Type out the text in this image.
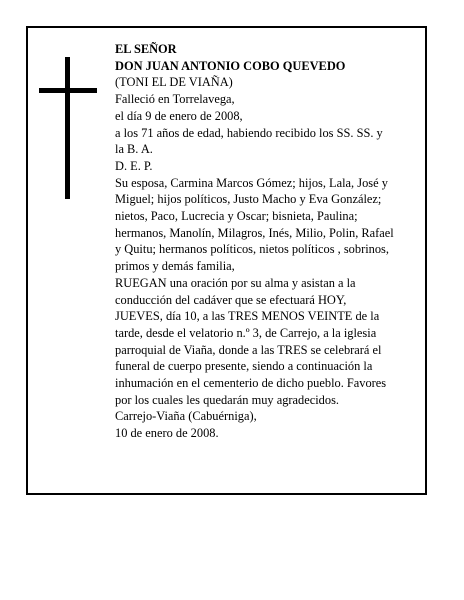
EL SEÑOR

DON JUAN ANTONIO COBO QUEVEDO

(TONI EL DE VIAÑA)

Falleció en Torrelavega,

el día 9 de enero de 2008,

a los 71 años de edad, habiendo recibido los SS. SS. y

la B. A.

D. E. P.

Su esposa, Carmina Marcos Gómez; hijos, Lala, José y

Miguel; hijos políticos, Justo Macho y Eva González;

nietos, Paco, Lucrecia y Oscar; bisnieta, Paulina;

hermanos, Manolín, Milagros, Inés, Milio, Polin, Rafael

y Quitu; hermanos políticos, nietos políticos , sobrinos,

primos y demás familia,

RUEGAN una oración por su alma y asistan a la

conducción del cadáver que se efectuará HOY,

JUEVES, día 10, a las TRES MENOS VEINTE de la

tarde, desde el velatorio n.º 3, de Carrejo, a la iglesia

parroquial de Viaña, donde a las TRES se celebrará el

funeral de cuerpo presente, siendo a continuación la

inhumación en el cementerio de dicho pueblo. Favores

por los cuales les quedarán muy agradecidos.

Carrejo-Viaña (Cabuérniga),

10 de enero de 2008.
